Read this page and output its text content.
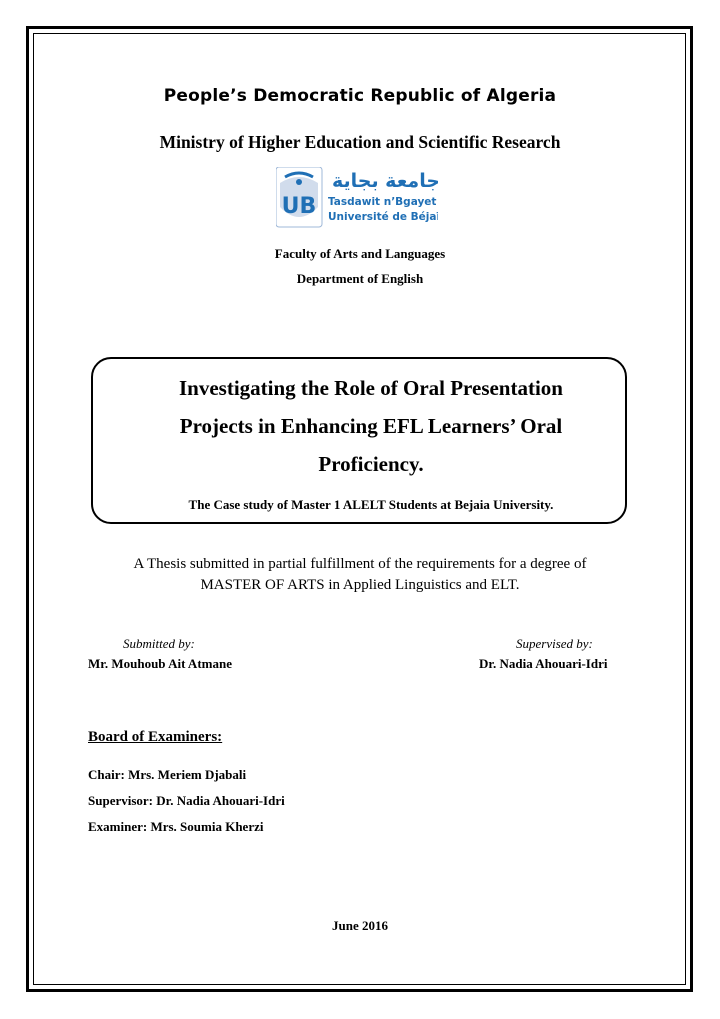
People’s Democratic Republic of Algeria
Ministry of Higher Education and Scientific Research
UB
جامعة بجاية
Tasdawit n’Bgayet
Université de Béjaïa
Faculty of Arts and Languages
Department of English
Investigating the Role of Oral Presentation
Projects in Enhancing EFL Learners’ Oral
Proficiency.
The Case study of Master 1 ALELT Students at Bejaia University.
A Thesis submitted in partial fulfillment of the requirements for a degree of
MASTER OF ARTS in Applied Linguistics and ELT.
Submitted by:	Supervised by:
Mr. Mouhoub Ait Atmane	Dr. Nadia Ahouari-Idri
Board of Examiners:
Chair: Mrs. Meriem Djabali
Supervisor: Dr. Nadia Ahouari-Idri
Examiner: Mrs. Soumia Kherzi
June 2016
